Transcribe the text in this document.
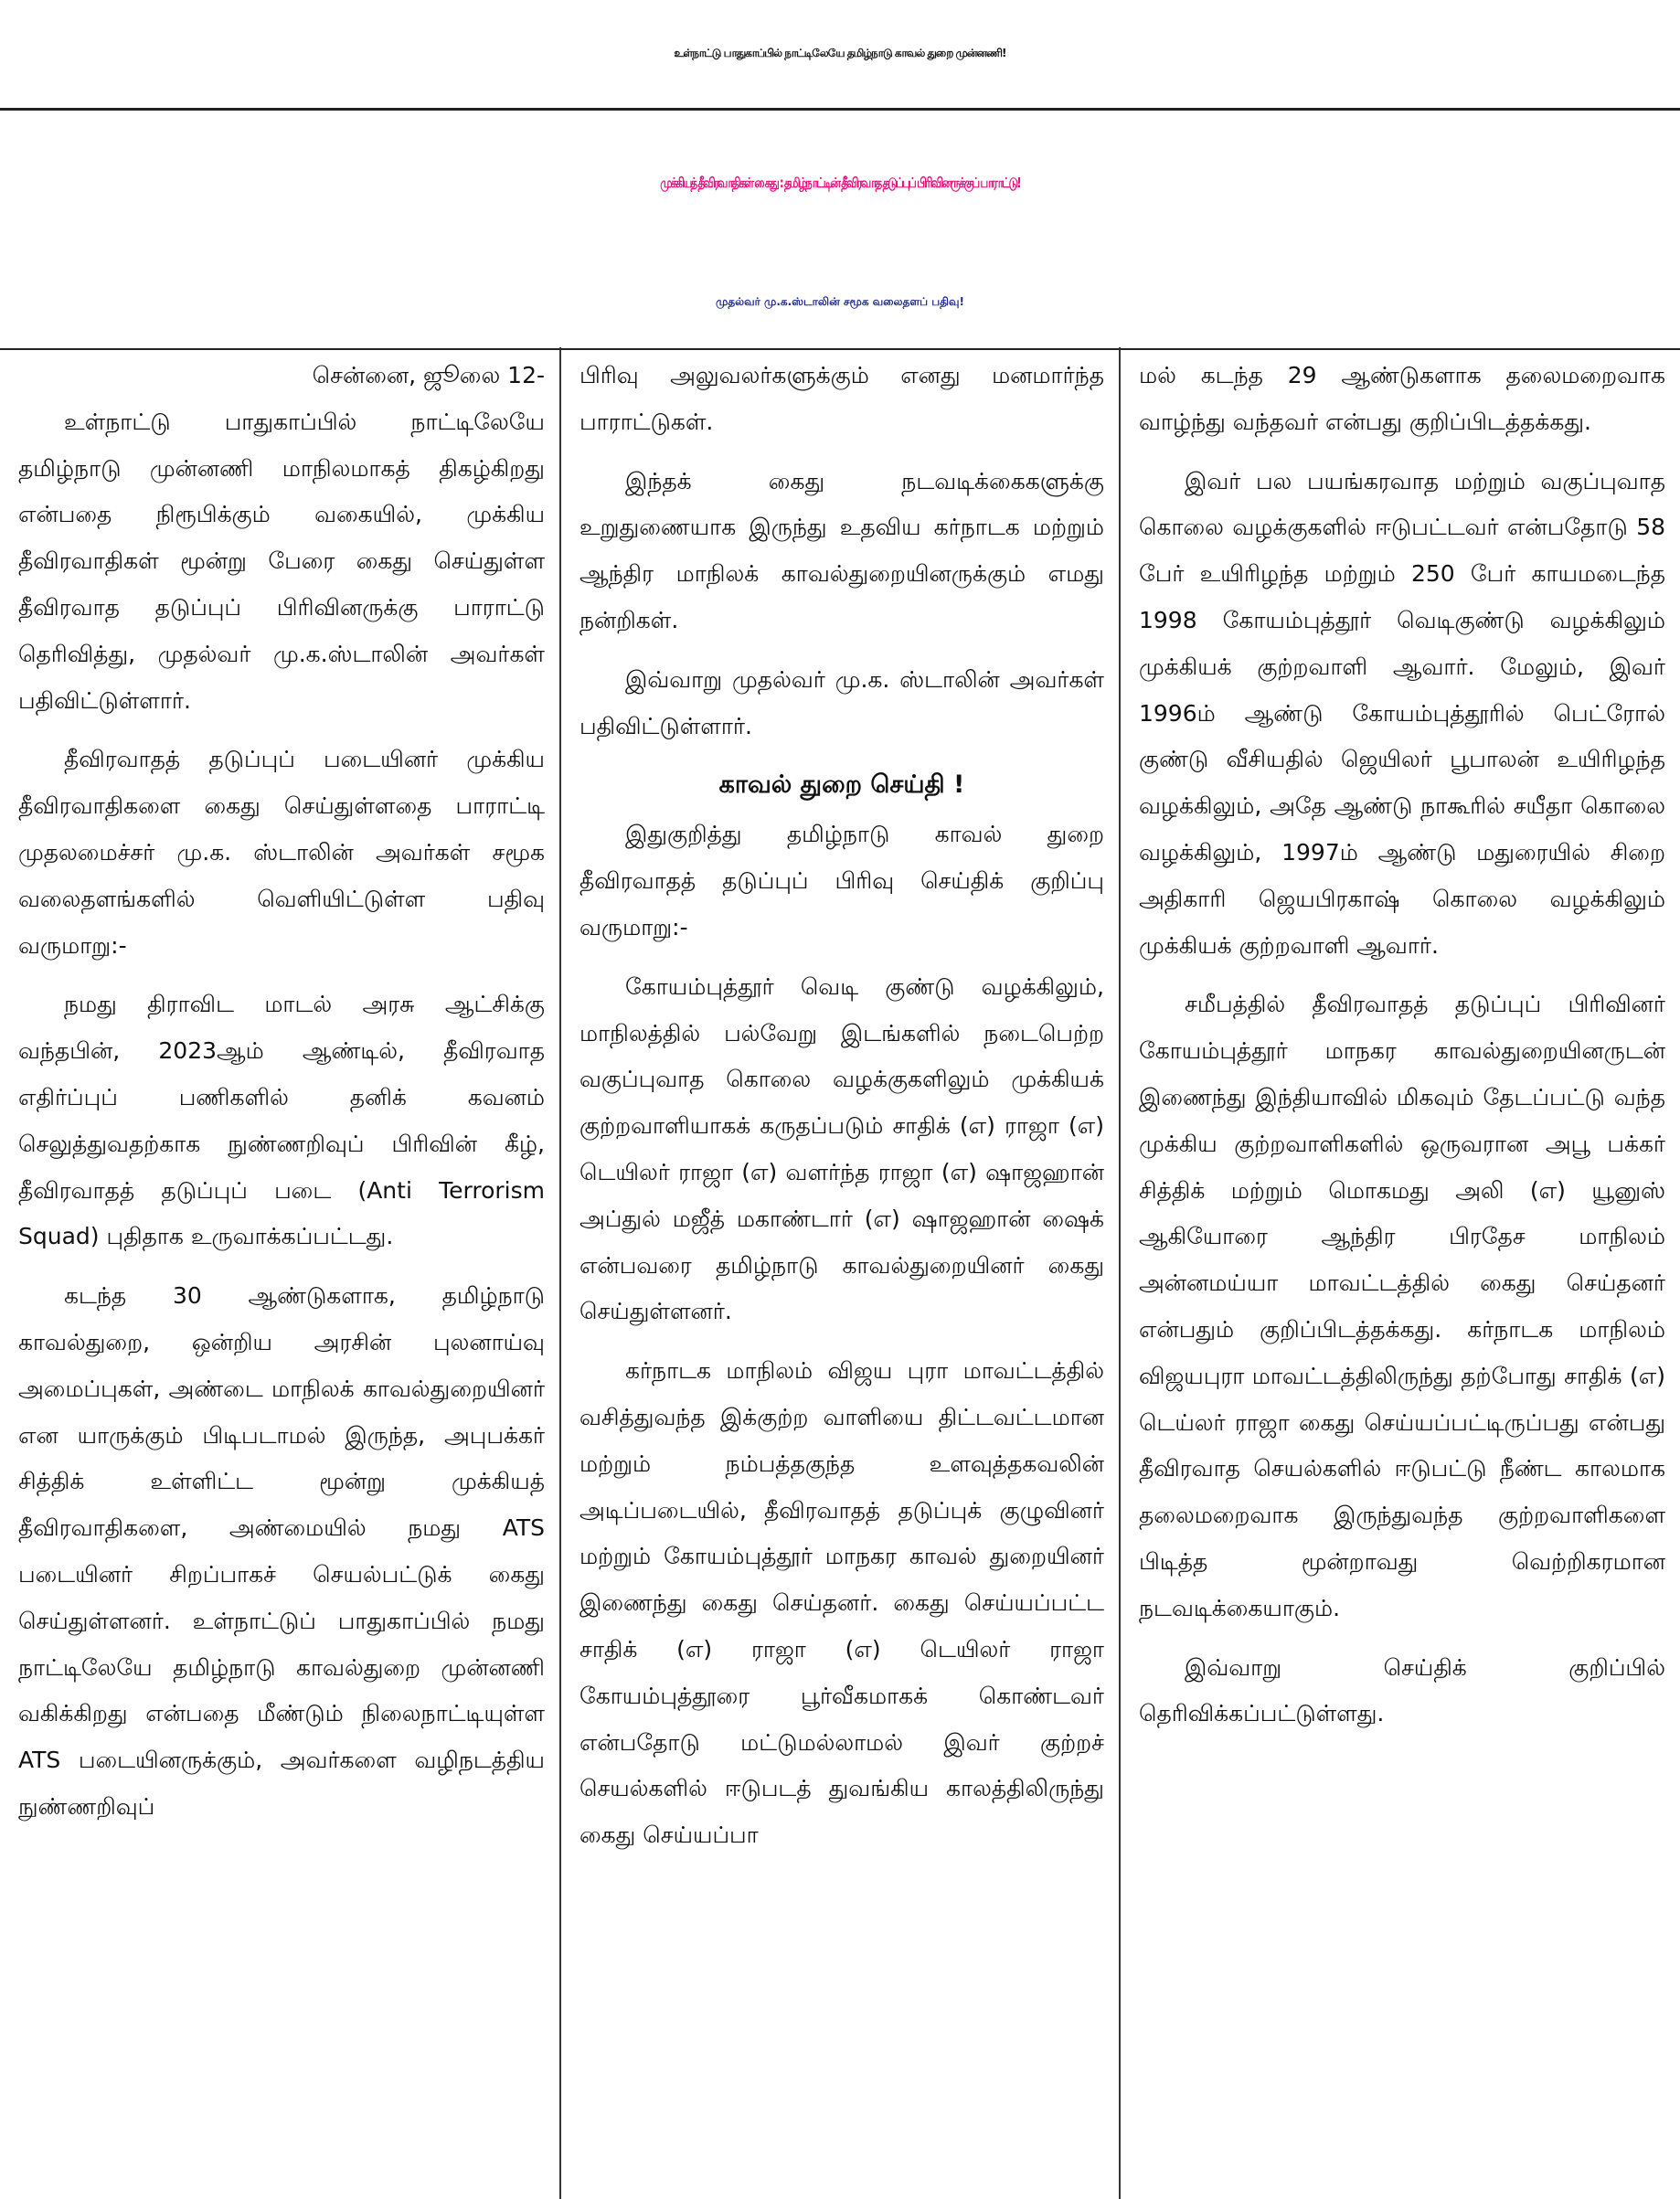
உள்நாட்டு பாதுகாப்பில் நாட்டிலேயே தமிழ்நாடு காவல் துறை முன்னணி!
முக்கியத் தீவிரவாதிகள் கைது : தமிழ்நாட்டின் தீவிரவாத தடுப்புப் பிரிவினருக்குப் பாராட்டு!
முதல்வர் மு.க.ஸ்டாலின் சமூக வலைதளப் பதிவு!

சென்னை, ஜூலை 12-

உள்நாட்டு பாதுகாப்பில் நாட்டிலேயே தமிழ்நாடு முன்னணி மாநிலமாகத் திகழ்கிறது என்பதை நிரூபிக்கும் வகையில், முக்கிய தீவிரவாதிகள் மூன்று பேரை கைது செய்துள்ள தீவிரவாத தடுப்புப் பிரிவினருக்கு பாராட்டு தெரிவித்து, முதல்வர் மு.க.ஸ்டாலின் அவர்கள் பதிவிட்டுள்ளார்.

தீவிரவாதத் தடுப்புப் படையினர் முக்கிய தீவிரவாதிகளை கைது செய்துள்ளதை பாராட்டி முதலமைச்சர் மு.க. ஸ்டாலின் அவர்கள் சமூக வலைதளங்களில் வெளியிட்டுள்ள பதிவு வருமாறு:-

நமது திராவிட மாடல் அரசு ஆட்சிக்கு வந்தபின், 2023ஆம் ஆண்டில், தீவிரவாத எதிர்ப்புப் பணிகளில் தனிக் கவனம் செலுத்துவதற்காக நுண்ணறிவுப் பிரிவின் கீழ், தீவிரவாதத் தடுப்புப் படை (Anti Terrorism Squad) புதிதாக உருவாக்கப்பட்டது.

கடந்த 30 ஆண்டுகளாக, தமிழ்நாடு காவல்துறை, ஒன்றிய அரசின் புலனாய்வு அமைப்புகள், அண்டை மாநிலக் காவல்துறையினர் என யாருக்கும் பிடிபடாமல் இருந்த, அபுபக்கர் சித்திக் உள்ளிட்ட மூன்று முக்கியத் தீவிரவாதிகளை, அண்மையில் நமது ATS படையினர் சிறப்பாகச் செயல்பட்டுக் கைது செய்துள்ளனர். உள்நாட்டுப் பாதுகாப்பில் நமது நாட்டிலேயே தமிழ்நாடு காவல்துறை முன்னணி வகிக்கிறது என்பதை மீண்டும் நிலைநாட்டியுள்ள ATS படையினருக்கும், அவர்களை வழிநடத்திய நுண்ணறிவுப்

பிரிவு அலுவலர்களுக்கும் எனது மனமார்ந்த பாராட்டுகள்.

இந்தக் கைது நடவடிக்கைகளுக்கு உறுதுணையாக இருந்து உதவிய கர்நாடக மற்றும் ஆந்திர மாநிலக் காவல்துறையினருக்கும் எமது நன்றிகள்.

இவ்வாறு முதல்வர் மு.க. ஸ்டாலின் அவர்கள் பதிவிட்டுள்ளார்.

காவல் துறை செய்தி !

இதுகுறித்து தமிழ்நாடு காவல் துறை தீவிரவாதத் தடுப்புப் பிரிவு செய்திக் குறிப்பு வருமாறு:-

கோயம்புத்தூர் வெடி குண்டு வழக்கிலும், மாநிலத்தில் பல்வேறு இடங்களில் நடைபெற்ற வகுப்புவாத கொலை வழக்குகளிலும் முக்கியக் குற்றவாளியாகக் கருதப்படும் சாதிக் (எ) ராஜா (எ) டெயிலர் ராஜா (எ) வளர்ந்த ராஜா (எ) ஷாஜஹான் அப்துல் மஜீத் மகாண்டார் (எ) ஷாஜஹான் ஷைக் என்பவரை தமிழ்நாடு காவல்துறையினர் கைது செய்துள்ளனர்.

கர்நாடக மாநிலம் விஜய புரா மாவட்டத்தில் வசித்துவந்த இக்குற்ற வாளியை திட்டவட்டமான மற்றும் நம்பத்தகுந்த உளவுத்தகவலின் அடிப்படையில், தீவிரவாதத் தடுப்புக் குழுவினர் மற்றும் கோயம்புத்தூர் மாநகர காவல் துறையினர் இணைந்து கைது செய்தனர். கைது செய்யப்பட்ட சாதிக் (எ) ராஜா (எ) டெயிலர் ராஜா கோயம்புத்தூரை பூர்வீகமாகக் கொண்டவர் என்பதோடு மட்டுமல்லாமல் இவர் குற்றச் செயல்களில் ஈடுபடத் துவங்கிய காலத்திலிருந்து கைது செய்யப்பா

மல் கடந்த 29 ஆண்டுகளாக தலைமறைவாக வாழ்ந்து வந்தவர் என்பது குறிப்பிடத்தக்கது.

இவர் பல பயங்கரவாத மற்றும் வகுப்புவாத கொலை வழக்குகளில் ஈடுபட்டவர் என்பதோடு 58 பேர் உயிரிழந்த மற்றும் 250 பேர் காயமடைந்த 1998 கோயம்புத்தூர் வெடிகுண்டு வழக்கிலும் முக்கியக் குற்றவாளி ஆவார். மேலும், இவர் 1996ம் ஆண்டு கோயம்புத்தூரில் பெட்ரோல் குண்டு வீசியதில் ஜெயிலர் பூபாலன் உயிரிழந்த வழக்கிலும், அதே ஆண்டு நாகூரில் சயீதா கொலை வழக்கிலும், 1997ம் ஆண்டு மதுரையில் சிறை அதிகாரி ஜெயபிரகாஷ் கொலை வழக்கிலும் முக்கியக் குற்றவாளி ஆவார்.

சமீபத்தில் தீவிரவாதத் தடுப்புப் பிரிவினர் கோயம்புத்தூர் மாநகர காவல்துறையினருடன் இணைந்து இந்தியாவில் மிகவும் தேடப்பட்டு வந்த முக்கிய குற்றவாளிகளில் ஒருவரான அபூ பக்கர் சித்திக் மற்றும் மொகமது அலி (எ) யூனுஸ் ஆகியோரை ஆந்திர பிரதேச மாநிலம் அன்னமய்யா மாவட்டத்தில் கைது செய்தனர் என்பதும் குறிப்பிடத்தக்கது. கர்நாடக மாநிலம் விஜயபுரா மாவட்டத்திலிருந்து தற்போது சாதிக் (எ) டெய்லர் ராஜா கைது செய்யப்பட்டிருப்பது என்பது தீவிரவாத செயல்களில் ஈடுபட்டு நீண்ட காலமாக தலைமறைவாக இருந்துவந்த குற்றவாளிகளை பிடித்த மூன்றாவது வெற்றிகரமான நடவடிக்கையாகும்.

இவ்வாறு செய்திக் குறிப்பில் தெரிவிக்கப்பட்டுள்ளது.
